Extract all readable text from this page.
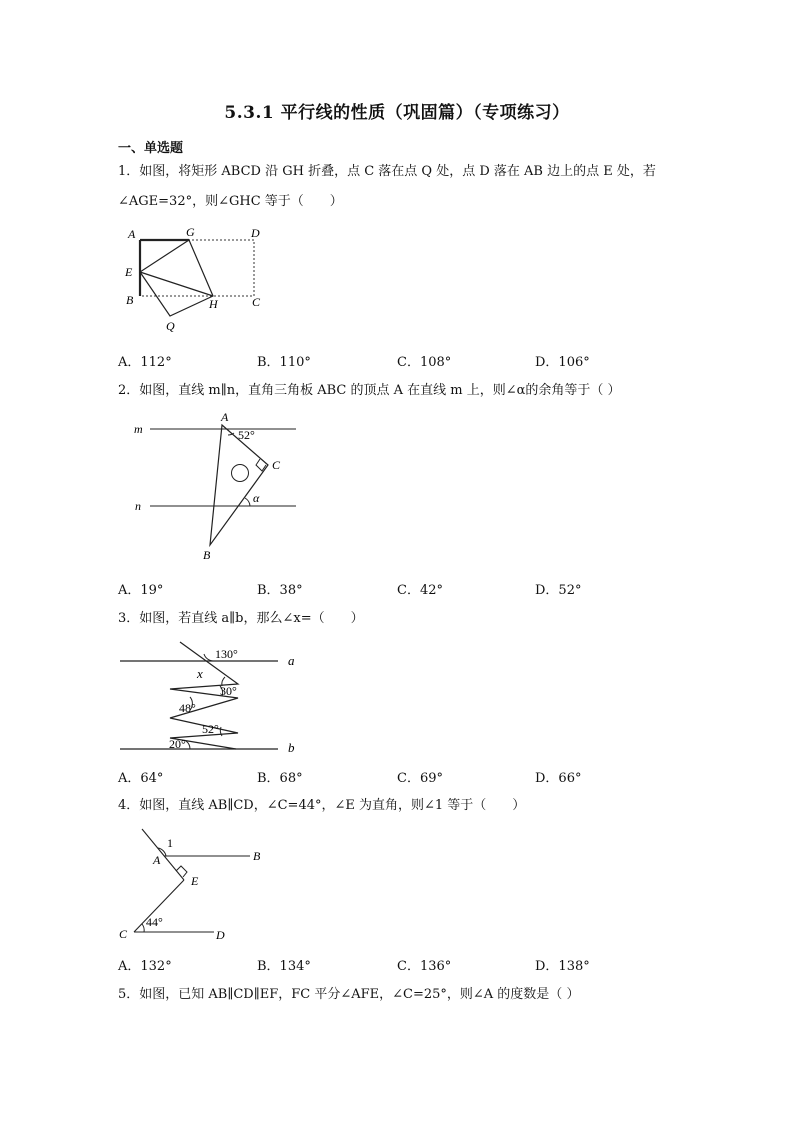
5.3.1 平行线的性质（巩固篇）（专项练习）
一、单选题
1．如图，将矩形 ABCD 沿 GH 折叠，点 C 落在点 Q 处，点 D 落在 AB 边上的点 E 处，若
∠AGE=32°，则∠GHC 等于（　　）
A	G	D
E
B	H	C
Q
A．112°	B．110°	C．108°	D．106°
2．如图，直线 m∥n，直角三角板 ABC 的顶点 A 在直线 m 上，则∠α的余角等于（ ）
m
n
A
52°
C
α
B
A．19°	B．38°	C．42°	D．52°
3．如图，若直线 a∥b，那么∠x=（　　）
a
b
130°
x
30°
48°
52°
20°
A．64°	B．68°	C．69°	D．66°
4．如图，直线 AB∥CD，∠C=44°，∠E 为直角，则∠1 等于（　　）
1
A	B
E
44°
C	D
A．132°	B．134°	C．136°	D．138°
5．如图，已知 AB∥CD∥EF，FC 平分∠AFE，∠C=25°，则∠A 的度数是（ ）
